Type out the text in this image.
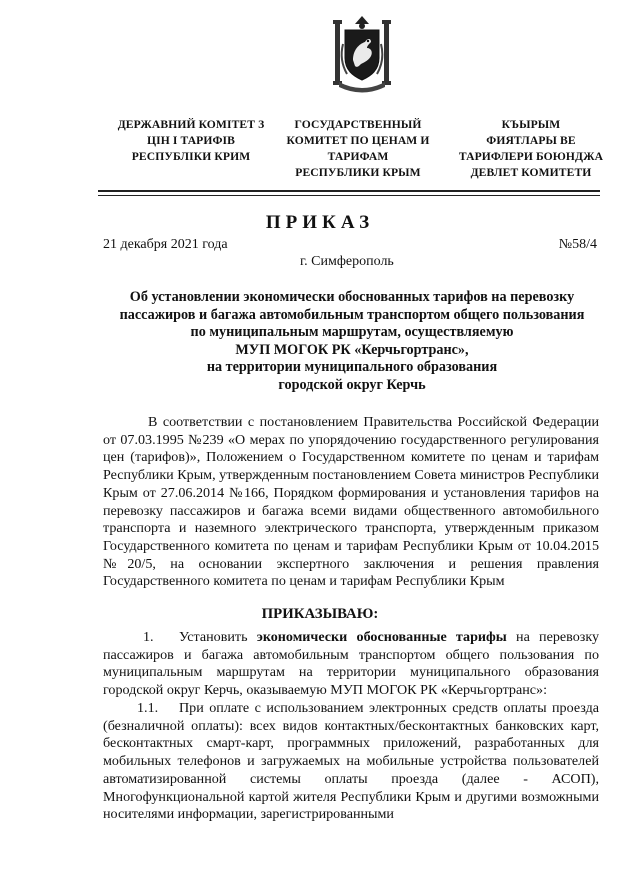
ДЕРЖАВНИЙ КОМІТЕТ З
ЦІН І ТАРИФІВ
РЕСПУБЛІКИ КРИМ
ГОСУДАРСТВЕННЫЙ
КОМИТЕТ ПО ЦЕНАМ И
ТАРИФАМ
РЕСПУБЛИКИ КРЫМ
КЪЫРЫМ
ФИЯТЛАРЫ ВЕ
ТАРИФЛЕРИ БОЮНДЖА
ДЕВЛЕТ КОМИТЕТИ
ПРИКАЗ
21 декабря 2021 года	№58/4
г. Симферополь
Об установлении экономически обоснованных тарифов на перевозку
пассажиров и багажа автомобильным транспортом общего пользования
по муниципальным маршрутам, осуществляемую
МУП МОГОК РК «Керчьгортранс»,
на территории муниципального образования
городской округ Керчь
В соответствии с постановлением Правительства Российской Федерации от 07.03.1995 №239 «О мерах по упорядочению государственного регулирования цен (тарифов)», Положением о Государственном комитете по ценам и тарифам Республики Крым, утвержденным постановлением Совета министров Республики Крым от 27.06.2014 №166, Порядком формирования и установления тарифов на перевозку пассажиров и багажа всеми видами общественного автомобильного транспорта и наземного электрического транспорта, утвержденным приказом Государственного комитета по ценам и тарифам Республики Крым от 10.04.2015 №20/5, на основании экспертного заключения и решения правления Государственного комитета по ценам и тарифам Республики Крым
ПРИКАЗЫВАЮ:
1. Установить экономически обоснованные тарифы на перевозку пассажиров и багажа автомобильным транспортом общего пользования по муниципальным маршрутам на территории муниципального образования городской округ Керчь, оказываемую МУП МОГОК РК «Керчьгортранс»:
1.1. При оплате с использованием электронных средств оплаты проезда (безналичной оплаты): всех видов контактных/бесконтактных банковских карт, бесконтактных смарт-карт, программных приложений, разработанных для мобильных телефонов и загружаемых на мобильные устройства пользователей автоматизированной системы оплаты проезда (далее - АСОП), Многофункциональной картой жителя Республики Крым и другими возможными носителями информации, зарегистрированными
